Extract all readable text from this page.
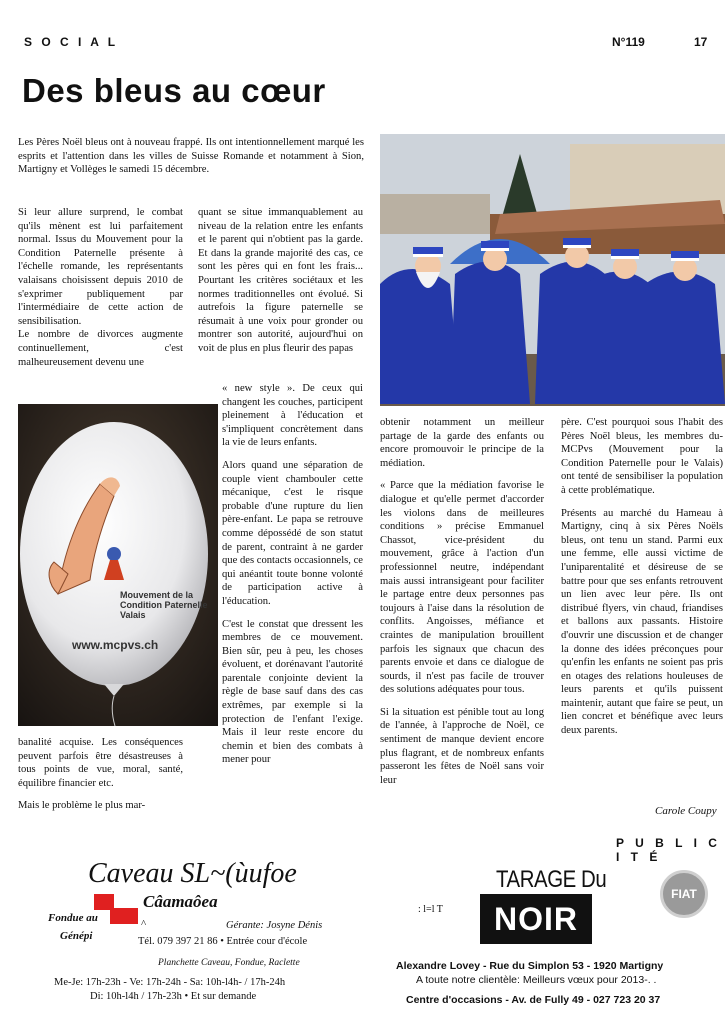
S O C I A L	N°119	17
Des bleus au cœur

Les Pères Noël bleus ont à nouveau frappé. Ils ont intentionnellement marqué les esprits et l'attention dans les villes de Suisse Romande et notamment à Sion, Martigny et Vollèges le samedi 15 décembre.

Si leur allure surprend, le combat qu'ils mènent est lui parfaitement normal. Issus du Mouvement pour la Condition Paternelle présente à l'échelle romande, les représentants valaisans choisissent depuis 2010 de s'exprimer publiquement par l'intermédiaire de cette action de sensibilisation.

Le nombre de divorces augmente continuellement, c'est malheureusement devenu une

quant se situe immanquablement au niveau de la relation entre les enfants et le parent qui n'obtient pas la garde. Et dans la grande majorité des cas, ce sont les pères qui en font les frais... Pourtant les critères sociétaux et les normes traditionnelles ont évolué. Si autrefois la figure paternelle se résumait à une voix pour gronder ou montrer son autorité, aujourd'hui on voit de plus en plus fleurir des papas

Mouvement de la
Condition Paternelle
Valais
www.mcpvs.ch

banalité acquise. Les conséquences peuvent parfois être désastreuses à tous points de vue, moral, santé, équilibre financier etc.

Mais le problème le plus mar-

« new style ». De ceux qui changent les couches, participent pleinement à l'éducation et s'impliquent concrètement dans la vie de leurs enfants.

Alors quand une séparation de couple vient chambouler cette mécanique, c'est le risque probable d'une rupture du lien père-enfant. Le papa se retrouve comme dépossédé de son statut de parent, contraint à ne garder que des contacts occasionnels, ce qui anéantit toute bonne volonté de participation active à l'éducation.

C'est le constat que dressent les membres de ce mouvement. Bien sûr, peu à peu, les choses évoluent, et dorénavant l'autorité parentale conjointe devient la règle de base sauf dans des cas extrêmes, par exemple si la protection de l'enfant l'exige. Mais il leur reste encore du chemin et bien des combats à mener pour

obtenir notamment un meilleur partage de la garde des enfants ou encore promouvoir le principe de la médiation.

« Parce que la médiation favorise le dialogue et qu'elle permet d'accorder les violons dans de meilleures conditions » précise Emmanuel Chassot, vice-président du mouvement, grâce à l'action d'un professionnel neutre, indépendant mais aussi intransigeant pour faciliter le partage entre deux personnes pas toujours à l'aise dans la résolution de conflits. Angoisses, méfiance et craintes de manipulation brouillent parfois les signaux que chacun des parents envoie et dans ce dialogue de sourds, il n'est pas facile de trouver des solutions adéquates pour tous.

Si la situation est pénible tout au long de l'année, à l'approche de Noël, ce sentiment de manque devient encore plus flagrant, et de nombreux enfants passeront les fêtes de Noël sans voir leur

père. C'est pourquoi sous l'habit des Pères Noël bleus, les membres du- MCPvs (Mouvement pour la Condition Paternelle pour le Valais) ont tenté de sensibiliser la population à cette problématique.

Présents au marché du Hameau à Martigny, cinq à six Pères Noëls bleus, ont tenu un stand. Parmi eux une femme, elle aussi victime de l'uniparentalité et désireuse de se battre pour que ses enfants retrouvent un lien avec leur père. Ils ont distribué flyers, vin chaud, friandises et ballons aux passants. Histoire d'ouvrir une discussion et de changer la donne des idées préconçues pour qu'enfin les enfants ne soient pas pris en otages des relations houleuses de leurs parents et qu'ils puissent maintenir, autant que faire se peut, un lien concret et bénéfique avec leurs deux parents.

Carole Coupy
P U B L I C I T É
Caveau SL~(ùufoe
Câamaôea
Fondue au
Génépi
^	Gérante: Josyne Dénis
Tél. 079 397 21 86 • Entrée cour d'école
Planchette Caveau, Fondue, Raclette
Me-Je: 17h-23h - Ve: 17h-24h - Sa: 10h-l4h- / 17h-24h
Di: 10h-l4h / 17h-23h • Et sur demande
TARAGE Du
NOIR
: l=l T
FIAT
Alexandre Lovey - Rue du Simplon 53 - 1920 Martigny
A toute notre clientèle: Meilleurs vœux pour 2013-. .
Centre d'occasions - Av. de Fully 49 - 027 723 20 37
